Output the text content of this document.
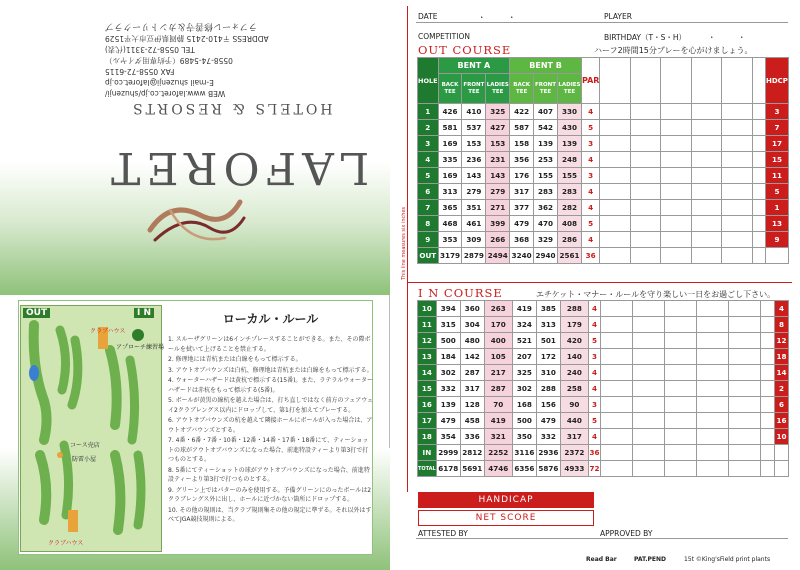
WEB www.laforet.co.jp/shuzenji/
E-mail shuzenji@laforet.co.jp
FAX 0558-72-6115
0558-74-5489（予約専用ダイヤル）
TEL 0558-72-3311(代表)
ADDRESS 〒410-2415 静岡県伊豆市大平1529
ラフォーレ修善寺＆カントリークラブ
HOTELS & RESORTS
LAFORET
OUT	I N
クラブハウス
アプローチ練習場
コース売店
防雷小屋
クラブハウス
ローカル・ルール
1. スルーザグリーンは6インチプレースすることができる。また、その際ボールを拭いて上げることを禁止する。
2. 修理地には青杭または白線をもって標示する。
3. アウトオブバウンズは白杭、修理地は青杭または白線をもって標示する。
4. ウォーターハザードは黄杭で標示する(15番)。また、ラテラルウォーターハザードは赤杭をもって標示する(5番)。
5. ボールが黄黒の線杭を越えた場合は、打ち直しではなく前方のフェアウェイ2クラブレングス以内にドロップして、第1打を加えてプレーする。
6. アウトオブバウンズの杭を越えて隣接ホールにボールが入った場合は、アウトオブバウンズとする。
7. 4番・6番・7番・10番・12番・14番・17番・18番にて、ティーショットの球がアウトオブバウンズになった場合、前進特設ティーより第3打で打つものとする。
8. 5番にてティーショットの球がアウトオブバウンズになった場合、前進特設ティーより第3打で打つものとする。
9. グリーン上ではパターのみを使用する。予備グリーンにのったボールは2クラブレングス外に出し、ホールに近づかない箇所にドロップする。
10. その他の規則は、当クラブ規則集その他の規定に準ずる。それ以外はすべてJGA競技規則による。
DATE	・　　　・	PLAYER
COMPETITION	BIRTHDAY（T・S・H）	・　　　・
OUT COURSE	ハーフ2時間15分プレーを心がけましょう。
This line measures six inches
HOLE	BENT A			BENT B			PAR							HDCP
	BACK TEE	FRONT TEE	LADIES TEE	BACK TEE	FRONT TEE	LADIES TEE								
1	426	410	325	422	407	330	4							3
2	581	537	427	587	542	430	5							7
3	169	153	153	158	139	139	3							17
4	335	236	231	356	253	248	4							15
5	169	143	143	176	155	155	3							11
6	313	279	279	317	283	283	4							5
7	365	351	271	377	362	282	4							1
8	468	461	399	479	470	408	5							13
9	353	309	266	368	329	286	4							9
OUT	3179	2879	2494	3240	2940	2561	36							
I N COURSE	エチケット・マナー・ルールを守り楽しい一日をお過ごし下さい。
10	394	360	263	419	385	288	4							4
11	315	304	170	324	313	179	4							8
12	500	480	400	521	501	420	5							12
13	184	142	105	207	172	140	3							18
14	302	287	217	325	310	240	4							14
15	332	317	287	302	288	258	4							2
16	139	128	70	168	156	90	3							6
17	479	458	419	500	479	440	5							16
18	354	336	321	350	332	317	4							10
IN	2999	2812	2252	3116	2936	2372	36							
TOTAL	6178	5691	4746	6356	5876	4933	72							
HANDICAP
NET SCORE
ATTESTED BY	APPROVED BY
Read Bar	PAT.PEND	15t ©King'sField print plants
